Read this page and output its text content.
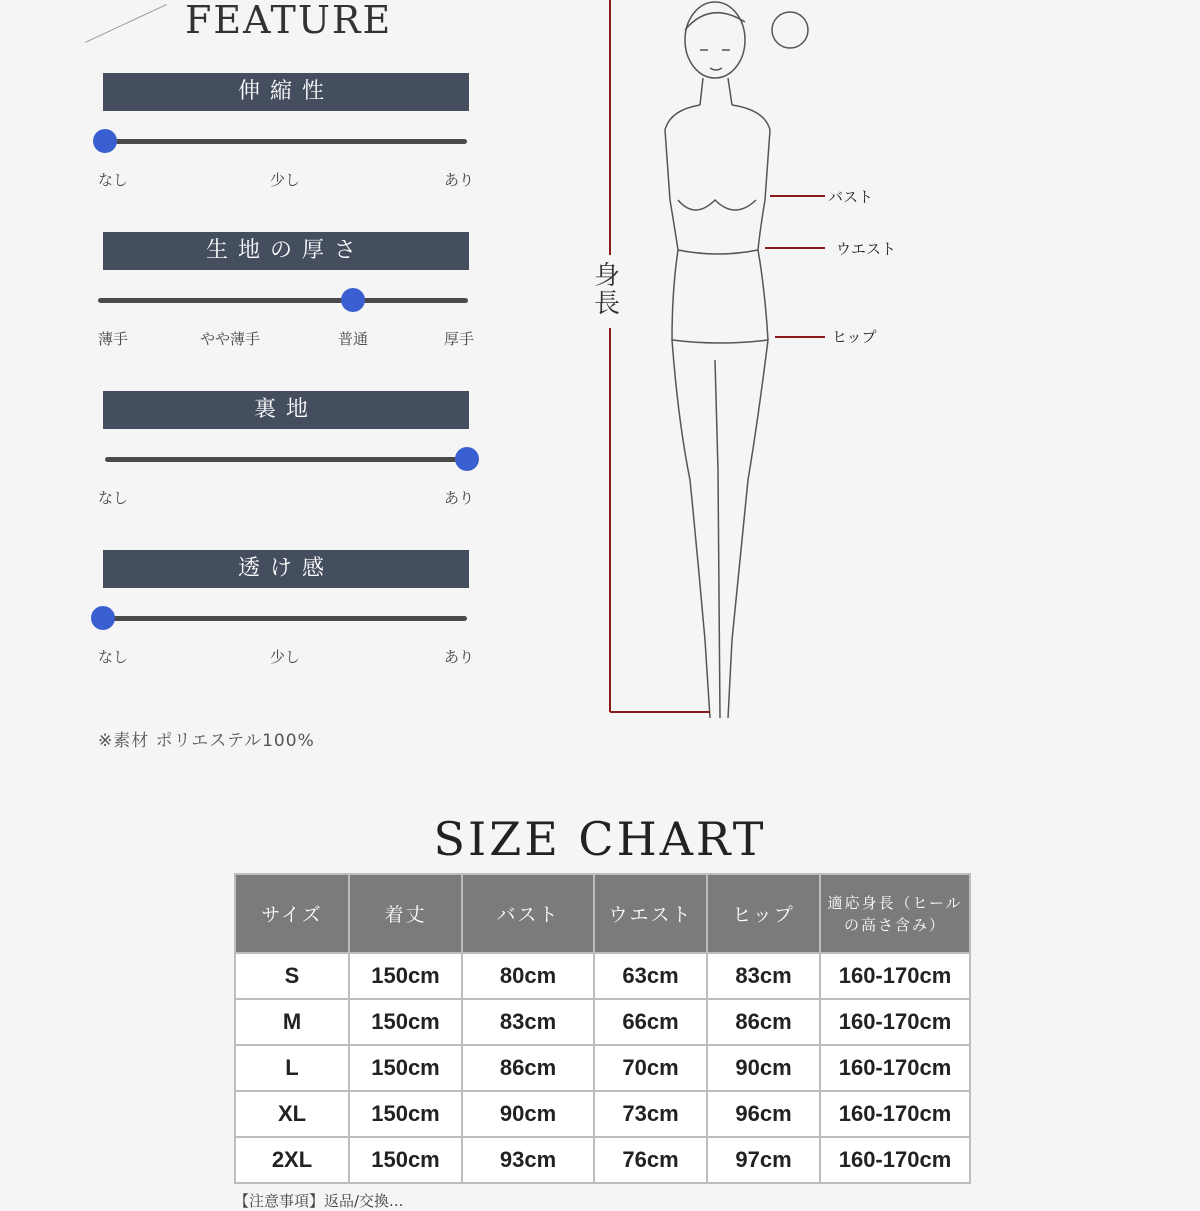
FEATURE
伸縮性
なし	少し	あり
生地の厚さ
薄手	やや薄手	普通	厚手
裏地
なし	あり
透け感
なし	少し	あり
※素材 ポリエステル100%
身長
バスト
ウエスト
ヒップ
SIZE CHART
サイズ	着丈	バスト	ウエスト	ヒップ	適応身長（ヒールの高さ含み）
S	150cm	80cm	63cm	83cm	160-170cm
M	150cm	83cm	66cm	86cm	160-170cm
L	150cm	86cm	70cm	90cm	160-170cm
XL	150cm	90cm	73cm	96cm	160-170cm
2XL	150cm	93cm	76cm	97cm	160-170cm
【注意事項】返品/交換...
